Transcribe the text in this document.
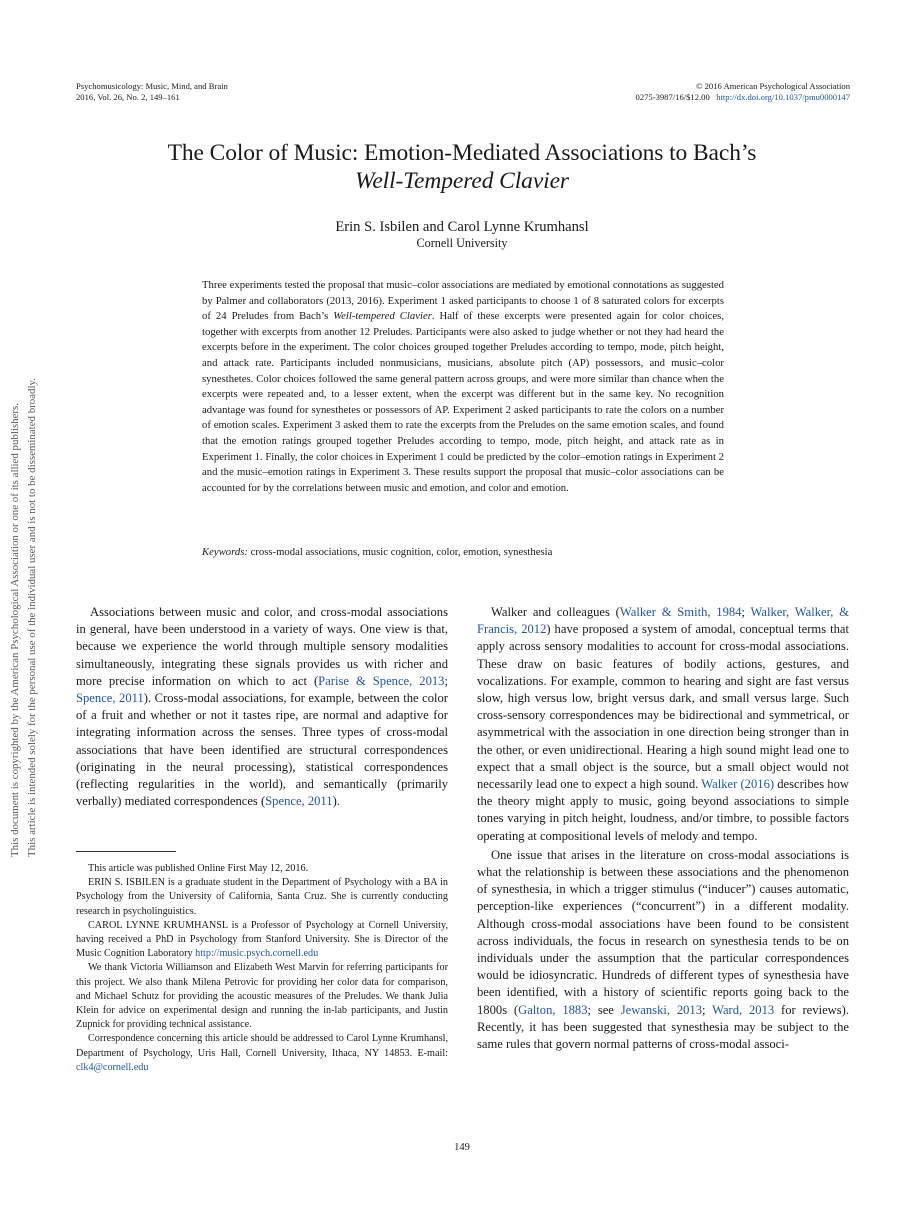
Psychomusicology: Music, Mind, and Brain
2016, Vol. 26, No. 2, 149–161
© 2016 American Psychological Association
0275-3987/16/$12.00 http://dx.doi.org/10.1037/pmu0000147
The Color of Music: Emotion-Mediated Associations to Bach’s
Well-Tempered Clavier
Erin S. Isbilen and Carol Lynne Krumhansl
Cornell University
Three experiments tested the proposal that music–color associations are mediated by emotional connotations as suggested by Palmer and collaborators (2013, 2016). Experiment 1 asked participants to choose 1 of 8 saturated colors for excerpts of 24 Preludes from Bach’s Well-tempered Clavier. Half of these excerpts were presented again for color choices, together with excerpts from another 12 Preludes. Participants were also asked to judge whether or not they had heard the excerpts before in the experiment. The color choices grouped together Preludes according to tempo, mode, pitch height, and attack rate. Participants included nonmusicians, musicians, absolute pitch (AP) possessors, and music–color synesthetes. Color choices followed the same general pattern across groups, and were more similar than chance when the excerpts were repeated and, to a lesser extent, when the excerpt was different but in the same key. No recognition advantage was found for synesthetes or possessors of AP. Experiment 2 asked participants to rate the colors on a number of emotion scales. Experiment 3 asked them to rate the excerpts from the Preludes on the same emotion scales, and found that the emotion ratings grouped together Preludes according to tempo, mode, pitch height, and attack rate as in Experiment 1. Finally, the color choices in Experiment 1 could be predicted by the color–emotion ratings in Experiment 2 and the music–emotion ratings in Experiment 3. These results support the proposal that music–color associations can be accounted for by the correlations between music and emotion, and color and emotion.
Keywords: cross-modal associations, music cognition, color, emotion, synesthesia
This document is copyrighted by the American Psychological Association or one of its allied publishers. This article is intended solely for the personal use of the individual user and is not to be disseminated broadly.	Associations between music and color, and cross-modal associations in general, have been understood in a variety of ways. One view is that, because we experience the world through multiple sensory modalities simultaneously, integrating these signals provides us with richer and more precise information on which to act (Parise & Spence, 2013; Spence, 2011). Cross-modal associations, for example, between the color of a fruit and whether or not it tastes ripe, are normal and adaptive for integrating information across the senses. Three types of cross-modal associations that have been identified are structural correspondences (originating in the neural processing), statistical correspondences (reflecting regularities in the world), and semantically (primarily verbally) mediated correspondences (Spence, 2011).

This article was published Online First May 12, 2016.

ERIN S. ISBILEN is a graduate student in the Department of Psychology with a BA in Psychology from the University of California, Santa Cruz. She is currently conducting research in psycholinguistics.

CAROL LYNNE KRUMHANSL is a Professor of Psychology at Cornell University, having received a PhD in Psychology from Stanford University. She is Director of the Music Cognition Laboratory http://music.psych.cornell.edu

We thank Victoria Williamson and Elizabeth West Marvin for referring participants for this project. We also thank Milena Petrovic for providing her color data for comparison, and Michael Schutz for providing the acoustic measures of the Preludes. We thank Julia Klein for advice on experimental design and running the in-lab participants, and Justin Zupnick for providing technical assistance.

Correspondence concerning this article should be addressed to Carol Lynne Krumhansl, Department of Psychology, Uris Hall, Cornell University, Ithaca, NY 14853. E-mail: clk4@cornell.edu

Walker and colleagues (Walker & Smith, 1984; Walker, Walker, & Francis, 2012) have proposed a system of amodal, conceptual terms that apply across sensory modalities to account for cross-modal associations. These draw on basic features of bodily actions, gestures, and vocalizations. For example, common to hearing and sight are fast versus slow, high versus low, bright versus dark, and small versus large. Such cross-sensory correspondences may be bidirectional and symmetrical, or asymmetrical with the association in one direction being stronger than in the other, or even unidirectional. Hearing a high sound might lead one to expect that a small object is the source, but a small object would not necessarily lead one to expect a high sound. Walker (2016) describes how the theory might apply to music, going beyond associations to simple tones varying in pitch height, loudness, and/or timbre, to possible factors operating at compositional levels of melody and tempo.

One issue that arises in the literature on cross-modal associations is what the relationship is between these associations and the phenomenon of synesthesia, in which a trigger stimulus (“inducer”) causes automatic, perception-like experiences (“concurrent”) in a different modality. Although cross-modal associations have been found to be consistent across individuals, the focus in research on synesthesia tends to be on individuals under the assumption that the particular correspondences would be idiosyncratic. Hundreds of different types of synesthesia have been identified, with a history of scientific reports going back to the 1800s (Galton, 1883; see Jewanski, 2013; Ward, 2013 for reviews). Recently, it has been suggested that synesthesia may be subject to the same rules that govern normal patterns of cross-modal associ-

149
